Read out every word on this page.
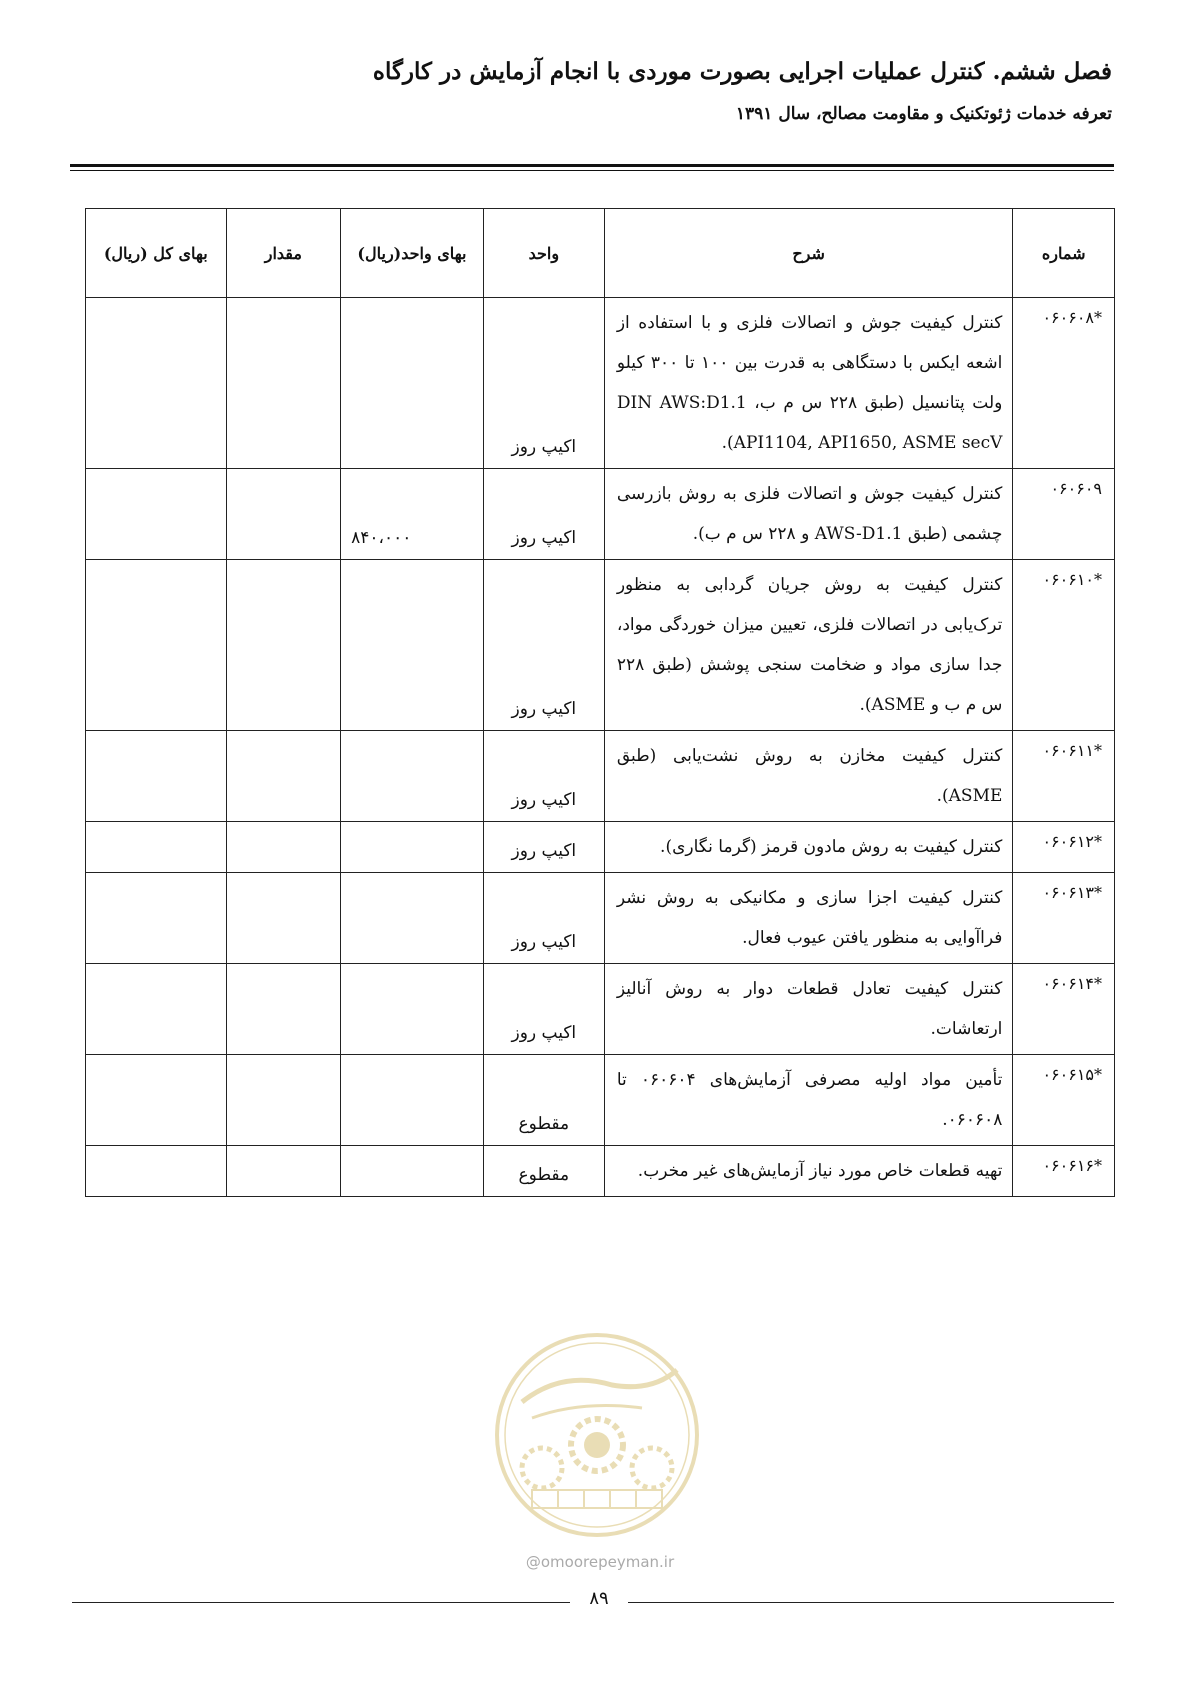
فصل ششم. کنترل عملیات اجرایی بصورت موردی با انجام آزمایش در کارگاه
تعرفه خدمات ژئوتکنیک و مقاومت مصالح، سال ۱۳۹۱
شماره	شرح	واحد	بهای واحد(ریال)	مقدار	بهای کل (ریال)
*۰۶۰۶۰۸	کنترل کیفیت جوش و اتصالات فلزی و با استفاده از اشعه ایکس با دستگاهی به قدرت بین ۱۰۰ تا ۳۰۰ کیلو ولت پتانسیل (طبق ۲۲۸ س م ب، DIN ‎AWS:D1.1 API1104, API1650, ASME secV‎).	اکیپ روز			
۰۶۰۶۰۹	کنترل کیفیت جوش و اتصالات فلزی به روش بازرسی چشمی (طبق ‎AWS-D1.1‎ و ۲۲۸ س م ب).	اکیپ روز	۸۴۰،۰۰۰		
*۰۶۰۶۱۰	کنترل کیفیت به روش جریان گردابی به منظور ترک‌یابی در اتصالات فلزی، تعیین میزان خوردگی مواد، جدا سازی مواد و ضخامت سنجی پوشش (طبق ۲۲۸ س م ب و ASME).	اکیپ روز			
*۰۶۰۶۱۱	کنترل کیفیت مخازن به روش نشت‌یابی (طبق ASME).	اکیپ روز			
*۰۶۰۶۱۲	کنترل کیفیت به روش مادون قرمز (گرما نگاری).	اکیپ روز			
*۰۶۰۶۱۳	کنترل کیفیت اجزا سازی و مکانیکی به روش نشر فراآوایی به منظور یافتن عیوب فعال.	اکیپ روز			
*۰۶۰۶۱۴	کنترل کیفیت تعادل قطعات دوار به روش آنالیز ارتعاشات.	اکیپ روز			
*۰۶۰۶۱۵	تأمین مواد اولیه مصرفی آزمایش‌های ۰۶۰۶۰۴ تا ۰۶۰۶۰۸.	مقطوع			
*۰۶۰۶۱۶	تهیه قطعات خاص مورد نیاز آزمایش‌های غیر مخرب.	مقطوع			
@omoorepeyman.ir
۸۹
